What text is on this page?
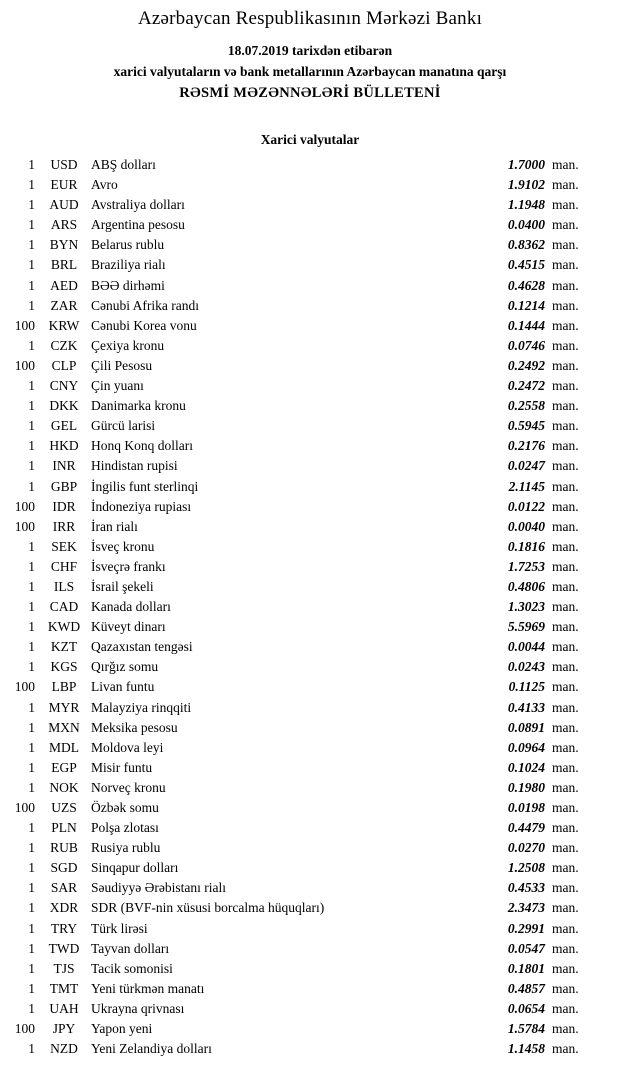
Azərbaycan Respublikasının Mərkəzi Bankı
18.07.2019 tarixdən etibarən
xarici valyutaların və bank metallarının Azərbaycan manatına qarşı
RƏSMİ MƏZƏNNƏLƏRİ BÜLLETENİ
Xarici valyutalar
1	USD	ABŞ dolları	1.7000 man.
1	EUR	Avro	1.9102 man.
1	AUD Avstraliya dolları	1.1948 man.
1	ARS	Argentina pesosu	0.0400 man.
1	BYN Belarus rublu	0.8362 man.
1	BRL	Braziliya rialı	0.4515 man.
1	AED BƏƏ dirhəmi	0.4628 man.
1	ZAR	Cənubi Afrika randı	0.1214 man.
100	KRW Cənubi Korea vonu	0.1444 man.
1	CZK	Çexiya kronu	0.0746 man.
100	CLP	Çili Pesosu	0.2492 man.
1	CNY Çin yuanı	0.2472 man.
1	DKK Danimarka kronu	0.2558 man.
1	GEL	Gürcü larisi	0.5945 man.
1	HKD Honq Konq dolları	0.2176 man.
1	INR	Hindistan rupisi	0.0247 man.
1	GBP	İngilis funt sterlinqi	2.1145 man.
100	IDR	İndoneziya rupiası	0.0122 man.
100	IRR	İran rialı	0.0040 man.
1	SEK	İsveç kronu	0.1816 man.
1	CHF	İsveçrə frankı	1.7253 man.
1	ILS	İsrail şekeli	0.4806 man.
1	CAD Kanada dolları	1.3023 man.
1 KWD Küveyt dinarı	5.5969 man.
1	KZT	Qazaxıstan tengəsi	0.0044 man.
1	KGS	Qırğız somu	0.0243 man.
100	LBP	Livan funtu	0.1125 man.
1	MYR Malayziya rinqqiti	0.4133 man.
1 MXN Meksika pesosu	0.0891 man.
1	MDL Moldova leyi	0.0964 man.
1	EGP	Misir funtu	0.1024 man.
1	NOK Norveç kronu	0.1980 man.
100	UZS	Özbək somu	0.0198 man.
1	PLN	Polşa zlotası	0.4479 man.
1	RUB Rusiya rublu	0.0270 man.
1	SGD	Sinqapur dolları	1.2508 man.
1	SAR	Səudiyyə Ərəbistanı rialı	0.4533 man.
1	XDR SDR (BVF-nin xüsusi borcalma hüquqları)	2.3473 man.
1	TRY	Türk lirəsi	0.2991 man.
1	TWD Tayvan dolları	0.0547 man.
1	TJS	Tacik somonisi	0.1801 man.
1	TMT Yeni türkmən manatı	0.4857 man.
1	UAH Ukrayna qrivnası	0.0654 man.
100	JPY	Yapon yeni	1.5784 man.
1	NZD Yeni Zelandiya dolları	1.1458 man.
